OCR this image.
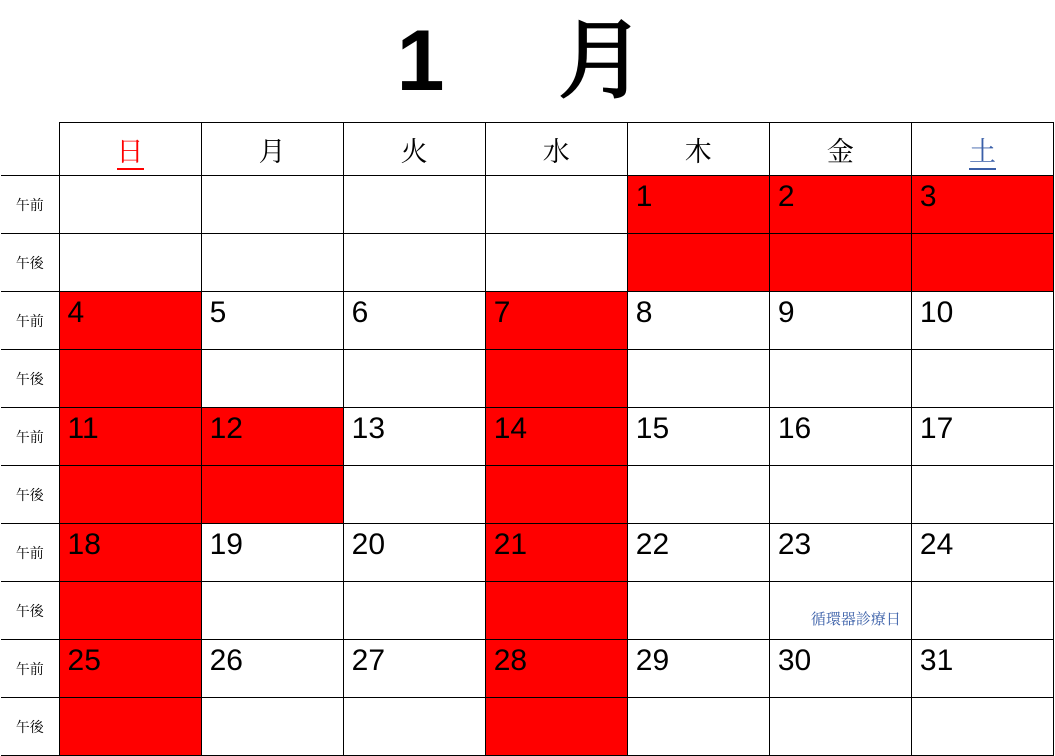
1　月
	日	月	火	水	木	金	土
午前					1	2	3

午後							
午前	4	5	6	7	8	9	10

午後							
午前	11	12	13	14	15	16	17

午後							
午前	18	19	20	21	22	23	24

午後						循環器診療日	

午前	25	26	27	28	29	30	31

午後							
